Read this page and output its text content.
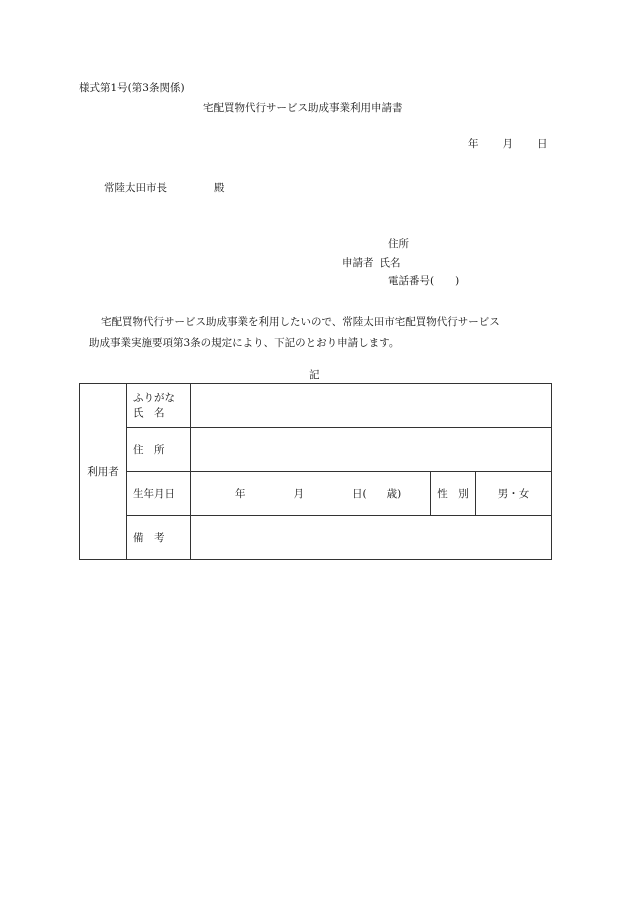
様式第1号(第3条関係)
宅配買物代行サービス助成事業利用申請書
年 月 日
常陸太田市長	殿
住所
申請者 氏名
電話番号(　　)
宅配買物代行サービス助成事業を利用したいので、常陸太田市宅配買物代行サービス
助成事業実施要項第3条の規定により、下記のとおり申請します。
記
利用者	ふりがな
氏　名			

	住　所			
	生年月日	年 月 日( 歳)	性　別	男・女
	備　考			
